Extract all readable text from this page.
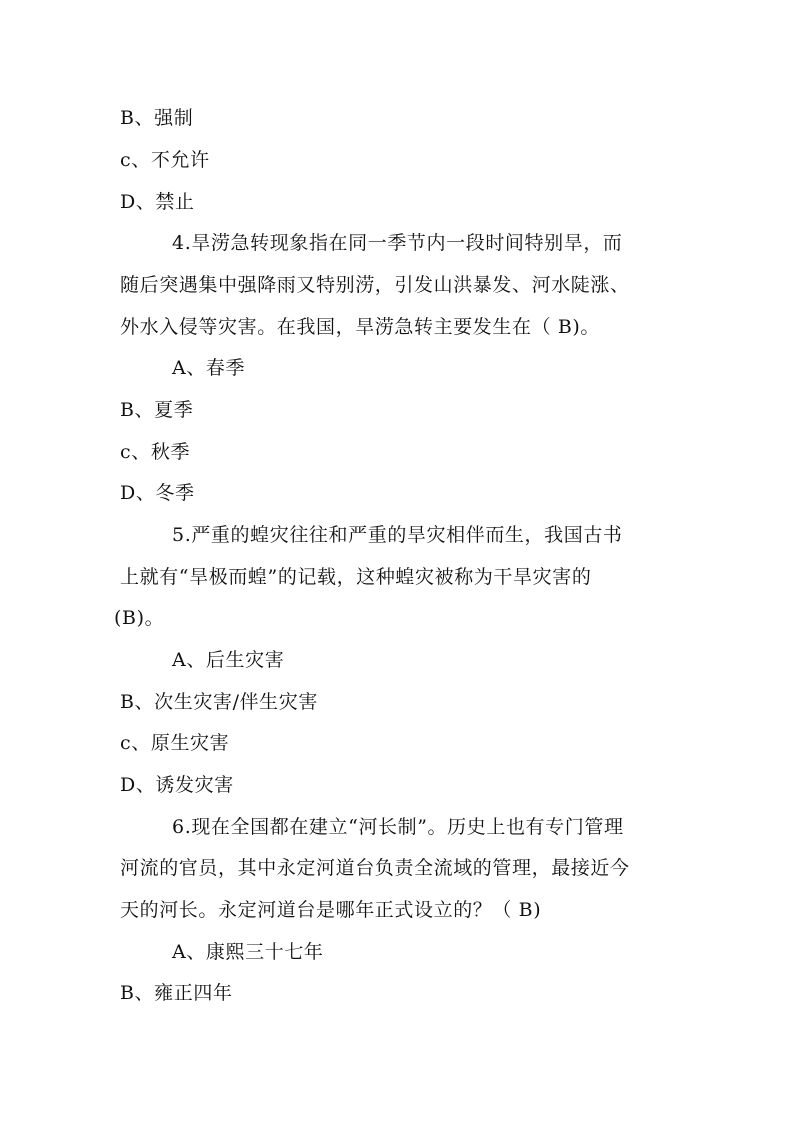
B、强制
c、不允许
D、禁止
4.旱涝急转现象指在同一季节内一段时间特别旱，而
随后突遇集中强降雨又特别涝，引发山洪暴发、河水陡涨、
外水入侵等灾害。在我国，旱涝急转主要发生在（ B)。
A、春季
B、夏季
c、秋季
D、冬季
5.严重的蝗灾往往和严重的旱灾相伴而生，我国古书
上就有“旱极而蝗”的记载，这种蝗灾被称为干旱灾害的
(B)。
A、后生灾害
B、次生灾害/伴生灾害
c、原生灾害
D、诱发灾害
6.现在全国都在建立“河长制”。历史上也有专门管理
河流的官员，其中永定河道台负责全流域的管理，最接近今
天的河长。永定河道台是哪年正式设立的？（ B)
A、康熙三十七年
B、雍正四年
